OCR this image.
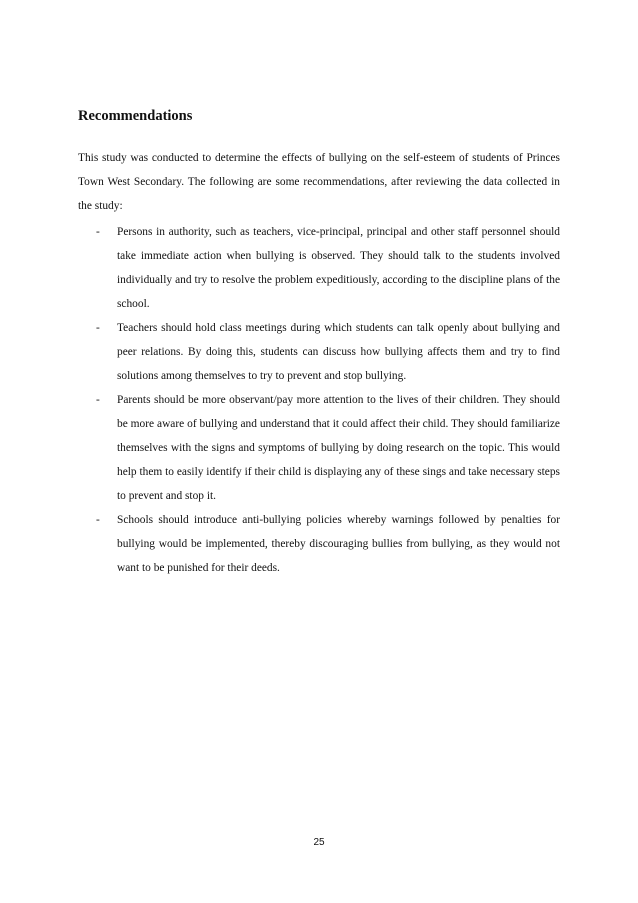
Recommendations

This study was conducted to determine the effects of bullying on the self-esteem of students of Princes Town West Secondary. The following are some recommendations, after reviewing the data collected in the study:

- Persons in authority, such as teachers, vice-principal, principal and other staff personnel should take immediate action when bullying is observed. They should talk to the students involved individually and try to resolve the problem expeditiously, according to the discipline plans of the school.
- Teachers should hold class meetings during which students can talk openly about bullying and peer relations. By doing this, students can discuss how bullying affects them and try to find solutions among themselves to try to prevent and stop bullying.
- Parents should be more observant/pay more attention to the lives of their children. They should be more aware of bullying and understand that it could affect their child. They should familiarize themselves with the signs and symptoms of bullying by doing research on the topic. This would help them to easily identify if their child is displaying any of these sings and take necessary steps to prevent and stop it.
- Schools should introduce anti-bullying policies whereby warnings followed by penalties for bullying would be implemented, thereby discouraging bullies from bullying, as they would not want to be punished for their deeds.
25
